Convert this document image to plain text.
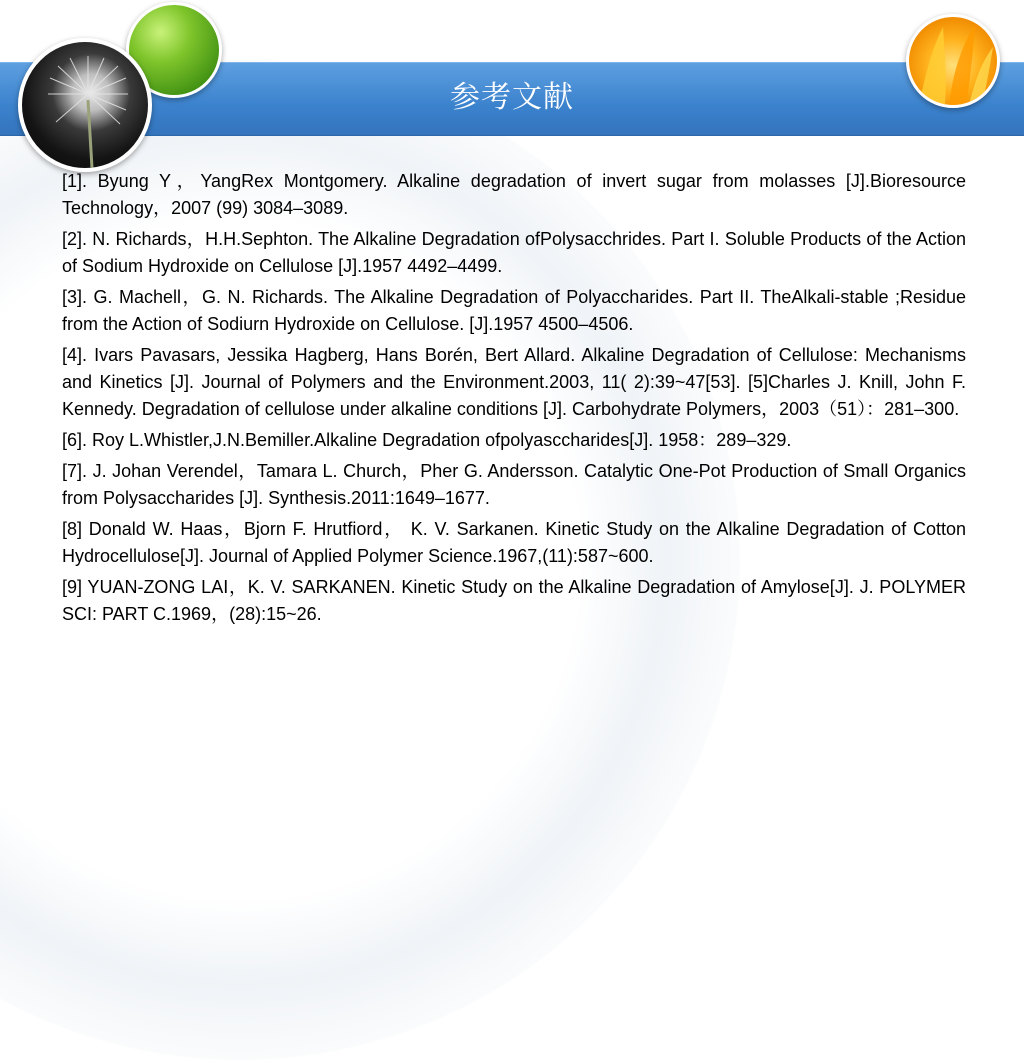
参考文献

[1]. Byung Y，YangRex Montgomery. Alkaline degradation of invert sugar from molasses [J].Bioresource Technology，2007 (99) 3084–3089.

[2]. N. Richards，H.H.Sephton. The Alkaline Degradation ofPolysacchrides. Part I. Soluble Products of the Action of Sodium Hydroxide on Cellulose [J].1957 4492–4499.

[3]. G. Machell，G. N. Richards. The Alkaline Degradation of Polyaccharides. Part II. TheAlkali-stable ;Residue from the Action of Sodiurn Hydroxide on Cellulose. [J].1957 4500–4506.

[4]. Ivars Pavasars, Jessika Hagberg, Hans Borén, Bert Allard. Alkaline Degradation of Cellulose: Mechanisms and Kinetics [J]. Journal of Polymers and the Environment.2003, 11( 2):39~47[53]. [5]Charles J. Knill, John F. Kennedy. Degradation of cellulose under alkaline conditions [J]. Carbohydrate Polymers，2003（51）：281–300.

[6]. Roy L.Whistler,J.N.Bemiller.Alkaline Degradation ofpolyasccharides[J]. 1958：289–329.

[7]. J. Johan Verendel，Tamara L. Church，Pher G. Andersson. Catalytic One-Pot Production of Small Organics from Polysaccharides [J]. Synthesis.2011:1649–1677.

[8] Donald W. Haas，Bjorn F. Hrutfiord， K. V. Sarkanen. Kinetic Study on the Alkaline Degradation of Cotton Hydrocellulose[J]. Journal of Applied Polymer Science.1967,(11):587~600.

[9] YUAN-ZONG LAI，K. V. SARKANEN. Kinetic Study on the Alkaline Degradation of Amylose[J]. J. POLYMER SCI: PART C.1969，(28):15~26.
